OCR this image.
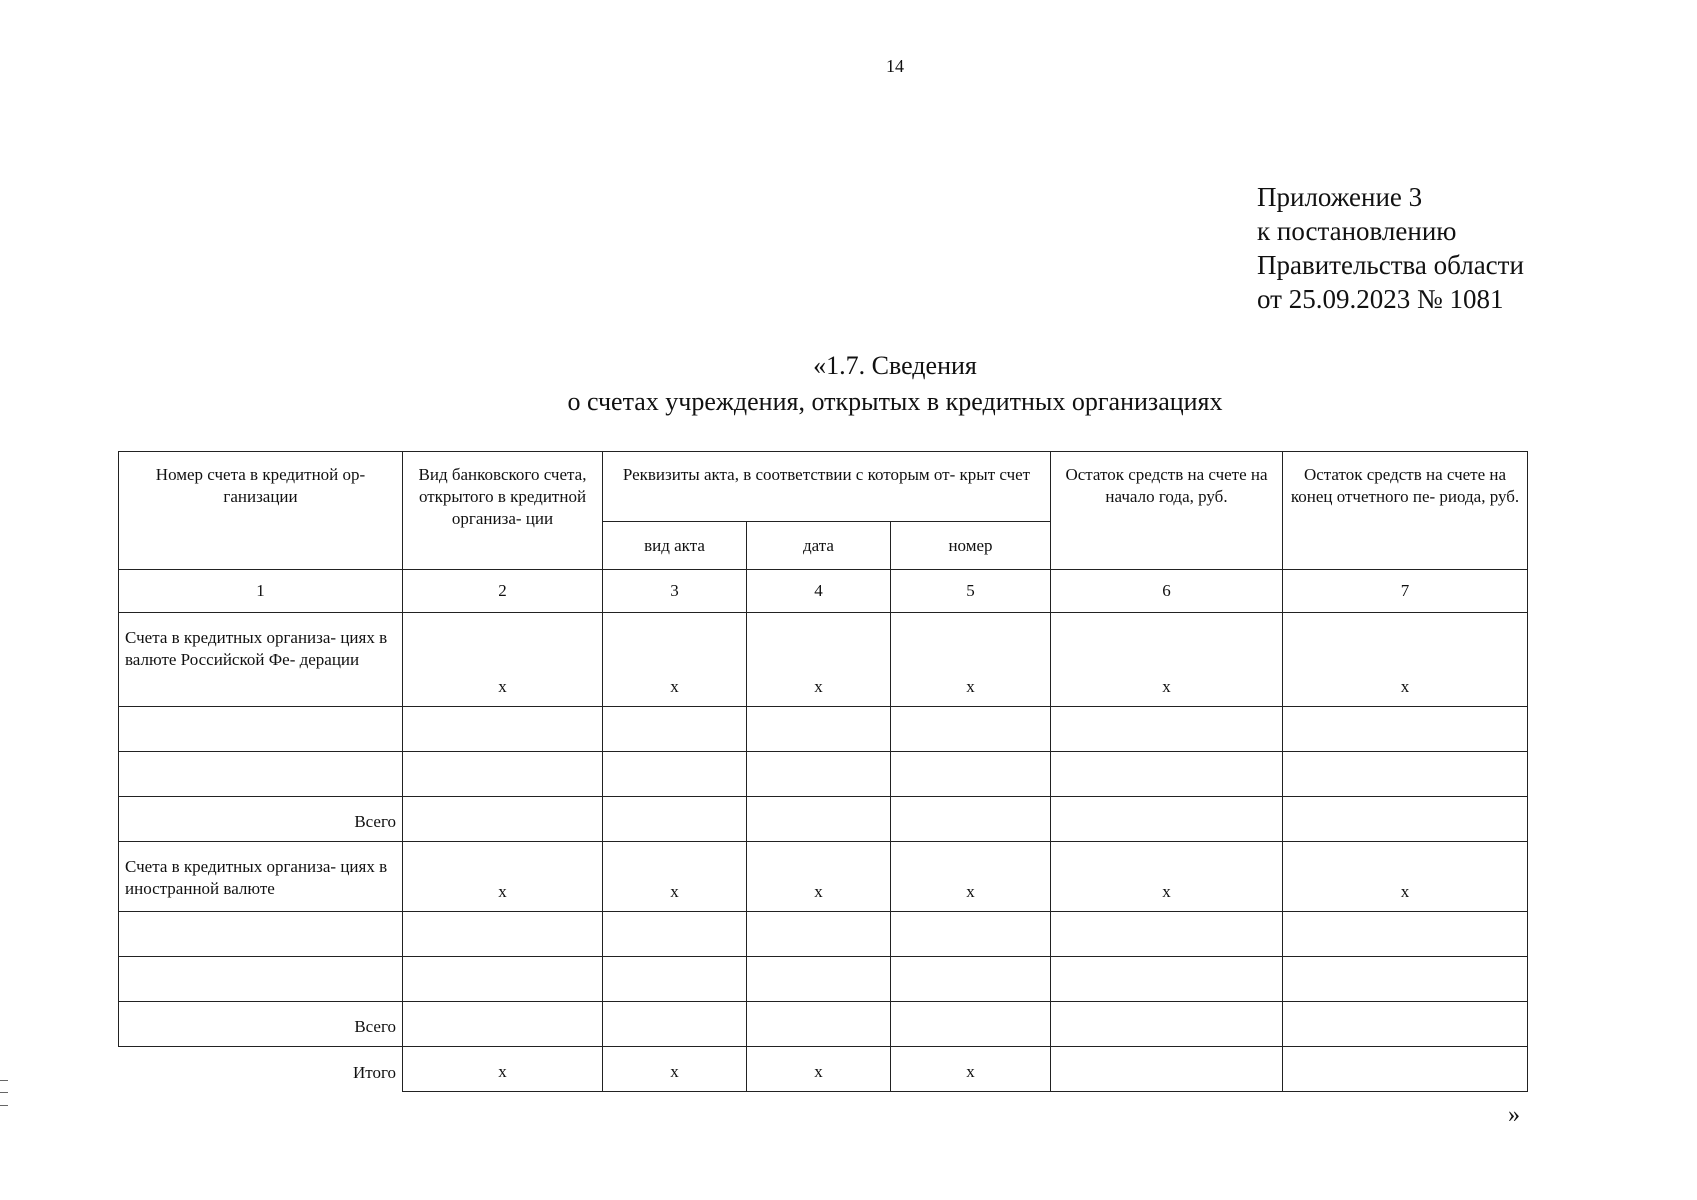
14
Приложение 3
к постановлению
Правительства области
от 25.09.2023 № 1081
«1.7. Сведения
о счетах учреждения, открытых в кредитных организациях
Номер счета в кредитной ор- ганизации	Вид банковского счета, открытого в кредитной организа- ции	Реквизиты акта, в соответствии с которым от- крыт счет			Остаток средств на счете на начало года, руб.	Остаток средств на счете на конец отчетного пе- риода, руб.
		вид акта	дата	номер		
1	2	3	4	5	6	7
Счета в кредитных организа- циях в валюте Российской Фе- дерации	x	x	x	x	x	x

Всего						
Счета в кредитных организа- циях в иностранной валюте	x	x	x	x	x	x

Всего						
Итого	x	x	x	x		
»
